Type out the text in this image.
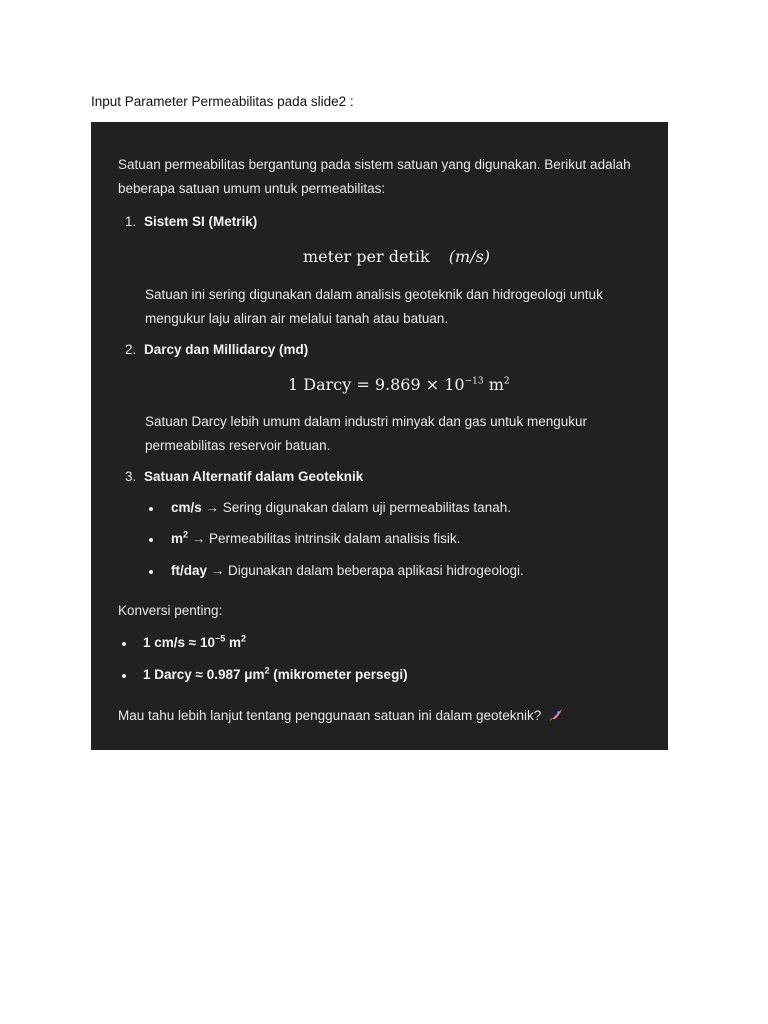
Input Parameter Permeabilitas pada slide2 :
Satuan permeabilitas bergantung pada sistem satuan yang digunakan. Berikut adalah
beberapa satuan umum untuk permeabilitas:
1. Sistem SI (Metrik)
meter per detik (m/s)
Satuan ini sering digunakan dalam analisis geoteknik dan hidrogeologi untuk
mengukur laju aliran air melalui tanah atau batuan.
2. Darcy dan Millidarcy (md)
1 Darcy = $9.869 \times 10^{-13}$ $m^2$
Satuan Darcy lebih umum dalam industri minyak dan gas untuk mengukur
permeabilitas reservoir batuan.
3. Satuan Alternatif dalam Geoteknik
cm/s → Sering digunakan dalam uji permeabilitas tanah.
$m^2$ → Permeabilitas intrinsik dalam analisis fisik.
ft/day → Digunakan dalam beberapa aplikasi hidrogeologi.
Konversi penting:
1 $cm/s \approx 10^{-5}$ $m^2$
1 Darcy ≈ 0.987 $\mu m^2$ (mikrometer persegi)
Mau tahu lebih lanjut tentang penggunaan satuan ini dalam geoteknik?
